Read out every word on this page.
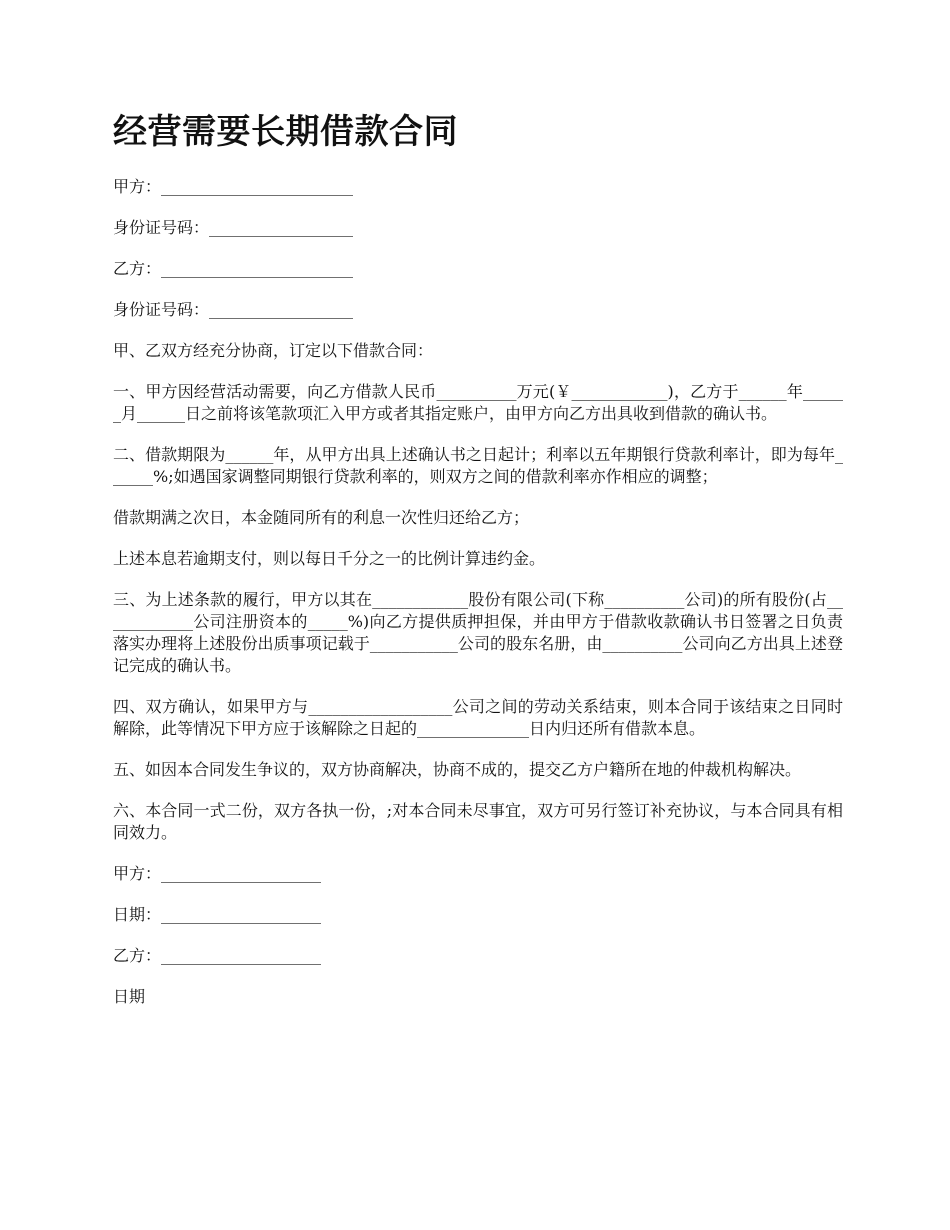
经营需要长期借款合同

甲方：________________________

身份证号码：__________________

乙方：________________________

身份证号码：__________________

甲、乙双方经充分协商，订定以下借款合同：

一、甲方因经营活动需要，向乙方借款人民币__________万元(￥____________)，乙方于______年______月______日之前将该笔款项汇入甲方或者其指定账户，由甲方向乙方出具收到借款的确认书。

二、借款期限为______年，从甲方出具上述确认书之日起计；利率以五年期银行贷款利率计，即为每年______%;如遇国家调整同期银行贷款利率的，则双方之间的借款利率亦作相应的调整；

借款期满之次日，本金随同所有的利息一次性归还给乙方；

上述本息若逾期支付，则以每日千分之一的比例计算违约金。

三、为上述条款的履行，甲方以其在____________股份有限公司(下称__________公司)的所有股份(占____________公司注册资本的_____%)向乙方提供质押担保，并由甲方于借款收款确认书日签署之日负责落实办理将上述股份出质事项记载于___________公司的股东名册，由__________公司向乙方出具上述登记完成的确认书。

四、双方确认，如果甲方与__________________公司之间的劳动关系结束，则本合同于该结束之日同时解除，此等情况下甲方应于该解除之日起的______________日内归还所有借款本息。

五、如因本合同发生争议的，双方协商解决，协商不成的，提交乙方户籍所在地的仲裁机构解决。

六、本合同一式二份，双方各执一份，;对本合同未尽事宜，双方可另行签订补充协议，与本合同具有相同效力。

甲方：____________________

日期：____________________

乙方：____________________

日期
